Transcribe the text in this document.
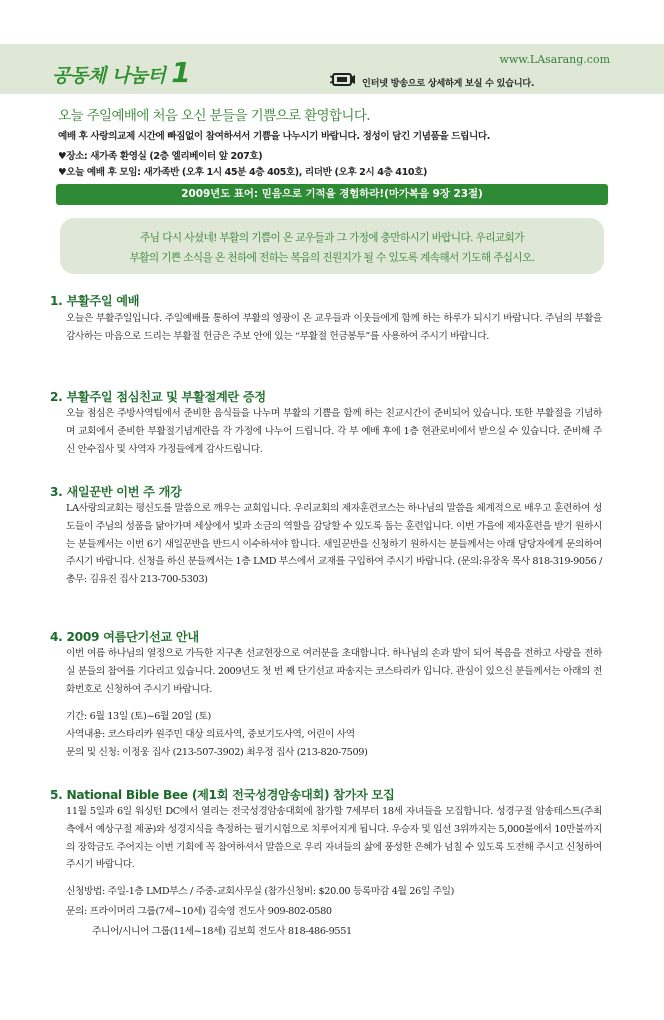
공동체 나눔터 1	www.LAsarang.com
인터넷 방송으로 상세하게 보실 수 있습니다.
오늘 주일예배에 처음 오신 분들을 기쁨으로 환영합니다.
예배 후 사랑의교제 시간에 빠짐없이 참여하셔서 기쁨을 나누시기 바랍니다. 정성이 담긴 기념품을 드립니다.
♥장소: 새가족 환영실 (2층 엘리베이터 앞 207호)
♥오늘 예배 후 모임: 새가족반 (오후 1시 45분 4층 405호), 리더반 (오후 2시 4층 410호)
2009년도 표어: 믿음으로 기적을 경험하라!(마가복음 9장 23절)
주님 다시 사셨네! 부활의 기쁨이 온 교우들과 그 가정에 충만하시기 바랍니다. 우리교회가
부활의 기쁜 소식을 온 천하에 전하는 복음의 진원지가 될 수 있도록 계속해서 기도해 주십시오.
1. 부활주일 예배
오늘은 부활주일입니다. 주일예배를 통하여 부활의 영광이 온 교우들과 이웃들에게 함께 하는 하루가 되시기 바랍니다. 주님의 부활을 감사하는 마음으로 드리는 부활절 헌금은 주보 안에 있는 “부활절 헌금봉투”를 사용하여 주시기 바랍니다.
2. 부활주일 점심친교 및 부활절계란 증정
오늘 점심은 주방사역팀에서 준비한 음식들을 나누며 부활의 기쁨을 함께 하는 친교시간이 준비되어 있습니다. 또한 부활절을 기념하며 교회에서 준비한 부활절기념계란을 각 가정에 나누어 드립니다. 각 부 예배 후에 1층 현관로비에서 받으실 수 있습니다. 준비해 주신 안수집사 및 사역자 가정들에게 감사드립니다.
3. 새일꾼반 이번 주 개강
LA사랑의교회는 평신도를 말씀으로 깨우는 교회입니다. 우리교회의 제자훈련코스는 하나님의 말씀을 체계적으로 배우고 훈련하여 성도들이 주님의 성품을 닮아가며 세상에서 빛과 소금의 역할을 감당할 수 있도록 돕는 훈련입니다. 이번 가을에 제자훈련을 받기 원하시는 분들께서는 이번 6기 새일꾼반을 반드시 이수하셔야 합니다. 새일꾼반을 신청하기 원하시는 분들께서는 아래 담당자에게 문의하여 주시기 바랍니다. 신청을 하신 분들께서는 1층 LMD 부스에서 교재를 구입하여 주시기 바랍니다. (문의:유장옥 목사 818-319-9056 / 총무: 김유진 집사 213-700-5303)
4. 2009 여름단기선교 안내
이번 여름 하나님의 열정으로 가득한 지구촌 선교현장으로 여러분을 초대합니다. 하나님의 손과 발이 되어 복음을 전하고 사랑을 전하실 분들의 참여를 기다리고 있습니다. 2009년도 첫 번 째 단기선교 파송지는 코스타리카 입니다. 관심이 있으신 분들께서는 아래의 전화번호로 신청하여 주시기 바랍니다.
기간: 6월 13일 (토)~6월 20일 (토)
사역내용: 코스타리카 원주민 대상 의료사역, 중보기도사역, 어린이 사역
문의 및 신청: 이정웅 집사 (213-507-3902) 최우정 집사 (213-820-7509)
5. National Bible Bee (제1회 전국성경암송대회) 참가자 모집
11월 5일과 6일 워싱턴 DC에서 열리는 전국성경암송대회에 참가할 7세부터 18세 자녀들을 모집합니다. 성경구절 암송테스트(주최측에서 예상구절 제공)와 성경지식을 측정하는 필기시험으로 치루어지게 됩니다. 우승자 및 입선 3위까지는 5,000불에서 10만불까지의 장학금도 주어지는 이번 기회에 꼭 참여하셔서 말씀으로 우리 자녀들의 삶에 풍성한 은혜가 넘칠 수 있도록 도전해 주시고 신청하여 주시기 바랍니다.
신청방법: 주일-1층 LMD부스 / 주중-교회사무실 (참가신청비: $20.00 등록마감 4월 26일 주일)
문의: 프라이머리 그룹(7세~10세) 김숙영 전도사 909-802-0580
주니어/시니어 그룹(11세~18세) 김보희 전도사 818-486-9551
